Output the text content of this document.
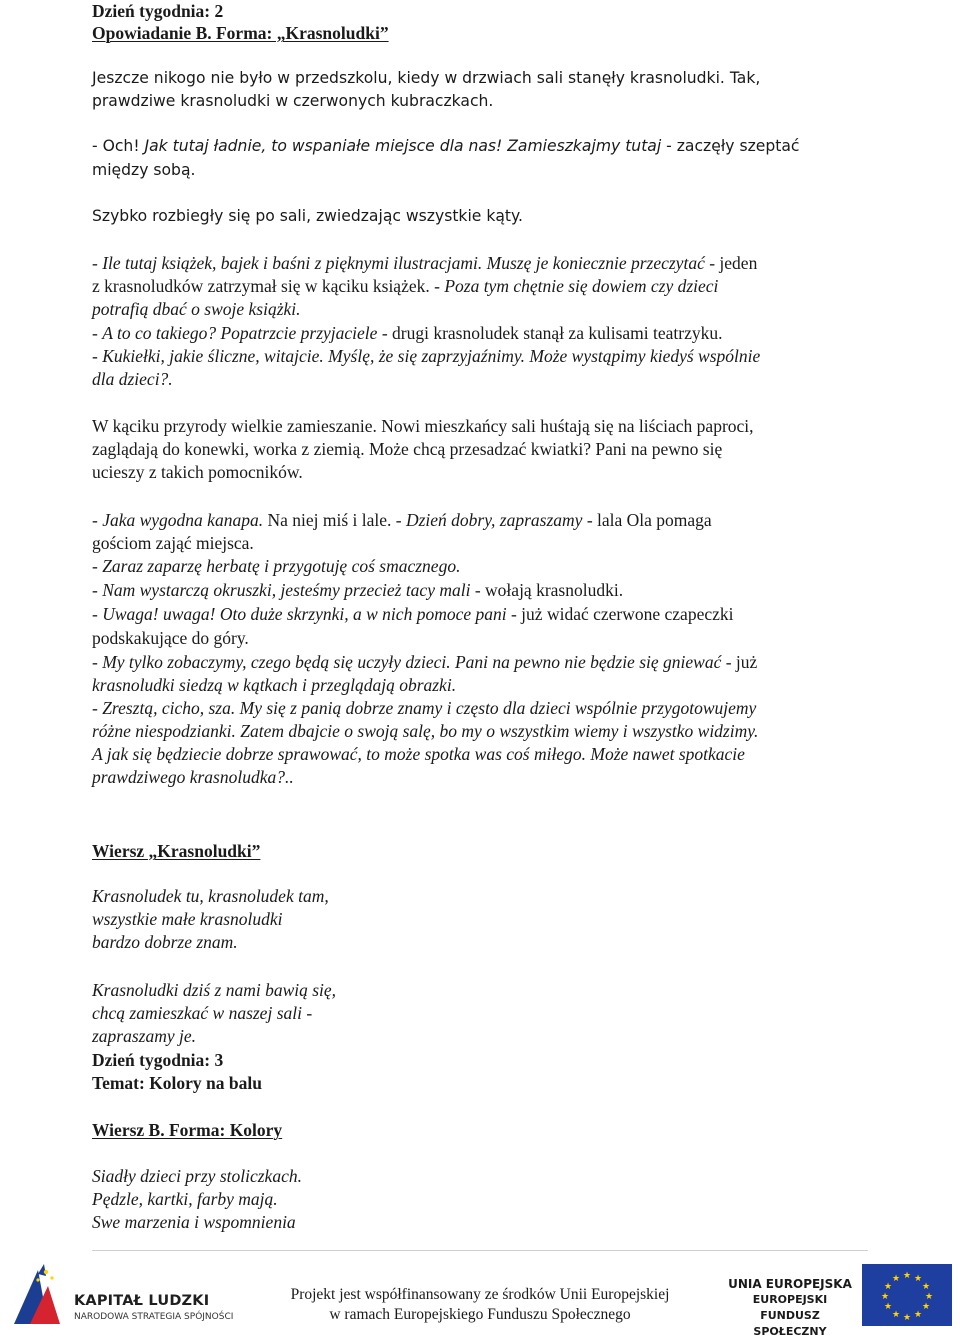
Dzień tygodnia: 2
Opowiadanie B. Forma: „Krasnoludki”
Jeszcze nikogo nie było w przedszkolu, kiedy w drzwiach sali stanęły krasnoludki. Tak,
prawdziwe krasnoludki w czerwonych kubraczkach.
- Och! Jak tutaj ładnie, to wspaniałe miejsce dla nas! Zamieszkajmy tutaj - zaczęły szeptać
między sobą.
Szybko rozbiegły się po sali, zwiedzając wszystkie kąty.
- Ile tutaj książek, bajek i baśni z pięknymi ilustracjami. Muszę je koniecznie przeczytać - jeden
z krasnoludków zatrzymał się w kąciku książek. - Poza tym chętnie się dowiem czy dzieci
potrafią dbać o swoje książki.
- A to co takiego? Popatrzcie przyjaciele - drugi krasnoludek stanął za kulisami teatrzyku.
- Kukiełki, jakie śliczne, witajcie. Myślę, że się zaprzyjaźnimy. Może wystąpimy kiedyś wspólnie
dla dzieci?.
W kąciku przyrody wielkie zamieszanie. Nowi mieszkańcy sali huśtają się na liściach paproci,
zaglądają do konewki, worka z ziemią. Może chcą przesadzać kwiatki? Pani na pewno się
ucieszy z takich pomocników.
- Jaka wygodna kanapa. Na niej miś i lale. - Dzień dobry, zapraszamy - lala Ola pomaga
gościom zająć miejsca.
- Zaraz zaparzę herbatę i przygotuję coś smacznego.
- Nam wystarczą okruszki, jesteśmy przecież tacy mali - wołają krasnoludki.
- Uwaga! uwaga! Oto duże skrzynki, a w nich pomoce pani - już widać czerwone czapeczki
podskakujące do góry.
- My tylko zobaczymy, czego będą się uczyły dzieci. Pani na pewno nie będzie się gniewać - już
krasnoludki siedzą w kątkach i przeglądają obrazki.
- Zresztą, cicho, sza. My się z panią dobrze znamy i często dla dzieci wspólnie przygotowujemy
różne niespodzianki. Zatem dbajcie o swoją salę, bo my o wszystkim wiemy i wszystko widzimy.
A jak się będziecie dobrze sprawować, to może spotka was coś miłego. Może nawet spotkacie
prawdziwego krasnoludka?..
Wiersz „Krasnoludki”
Krasnoludek tu, krasnoludek tam,
wszystkie małe krasnoludki
bardzo dobrze znam.
Krasnoludki dziś z nami bawią się,
chcą zamieszkać w naszej sali -
zapraszamy je.
Dzień tygodnia: 3
Temat: Kolory na balu
Wiersz B. Forma: Kolory
Siadły dzieci przy stoliczkach.
Pędzle, kartki, farby mają.
Swe marzenia i wspomnienia
KAPITAŁ LUDZKI
NARODOWA STRATEGIA SPÓJNOŚCI
Projekt jest współfinansowany ze środków Unii Europejskiej
w ramach Europejskiego Funduszu Społecznego
UNIA EUROPEJSKA
EUROPEJSKI
FUNDUSZ SPOŁECZNY
★ ★
★
★
★
★
★
★
★
★
★
★
